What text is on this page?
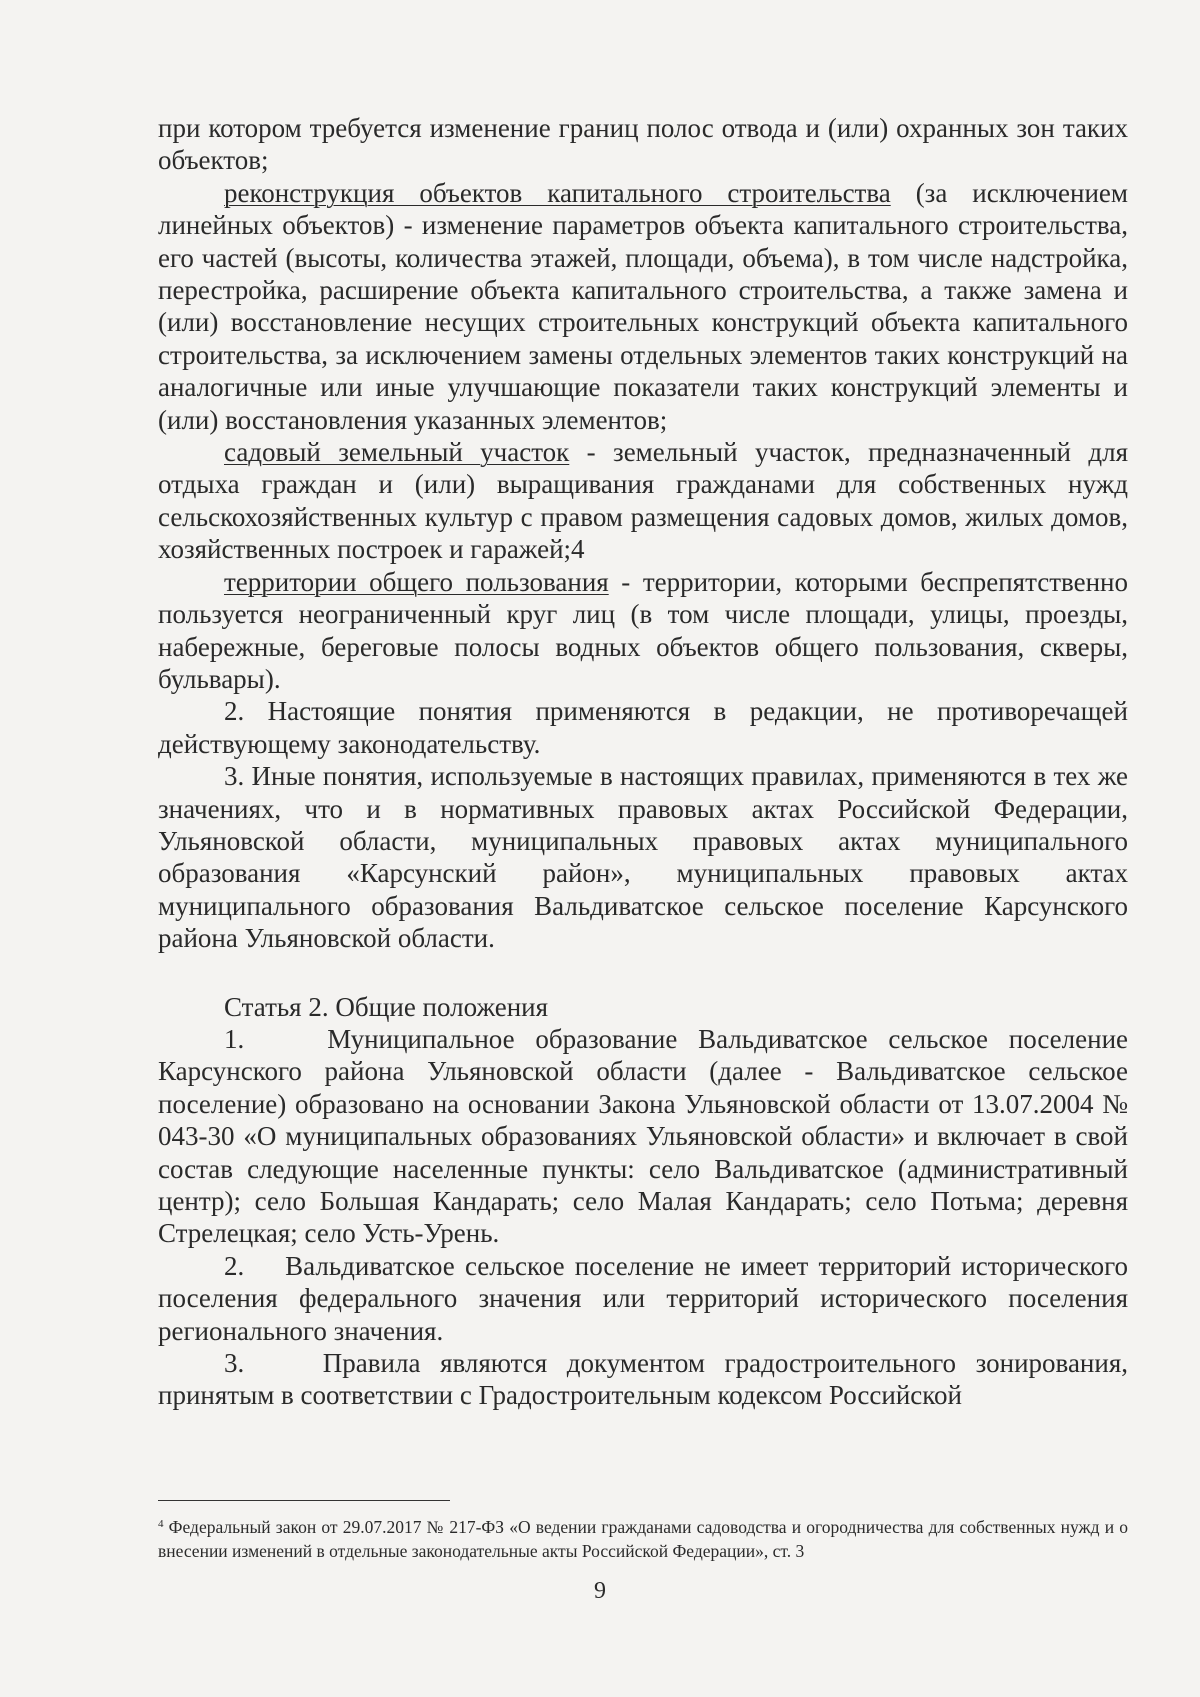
при котором требуется изменение границ полос отвода и (или) охранных зон таких объектов;

реконструкция объектов капитального строительства (за исключением линейных объектов) - изменение параметров объекта капитального строительства, его частей (высоты, количества этажей, площади, объема), в том числе надстройка, перестройка, расширение объекта капитального строительства, а также замена и (или) восстановление несущих строительных конструкций объекта капитального строительства, за исключением замены отдельных элементов таких конструкций на аналогичные или иные улучшающие показатели таких конструкций элементы и (или) восстановления указанных элементов;

садовый земельный участок - земельный участок, предназначенный для отдыха граждан и (или) выращивания гражданами для собственных нужд сельскохозяйственных культур с правом размещения садовых домов, жилых домов, хозяйственных построек и гаражей;4

территории общего пользования - территории, которыми беспрепятственно пользуется неограниченный круг лиц (в том числе площади, улицы, проезды, набережные, береговые полосы водных объектов общего пользования, скверы, бульвары).

2. Настоящие понятия применяются в редакции, не противоречащей действующему законодательству.

3. Иные понятия, используемые в настоящих правилах, применяются в тех же значениях, что и в нормативных правовых актах Российской Федерации, Ульяновской области, муниципальных правовых актах муниципального образования «Карсунский район», муниципальных правовых актах муниципального образования Вальдиватское сельское поселение Карсунского района Ульяновской области.

Статья 2. Общие положения

1.    Муниципальное образование Вальдиватское сельское поселение Карсунского района Ульяновской области (далее - Вальдиватское сельское поселение) образовано на основании Закона Ульяновской области от 13.07.2004 № 043-30 «О муниципальных образованиях Ульяновской области» и включает в свой состав следующие населенные пункты: село Вальдиватское (административный центр); село Большая Кандарать; село Малая Кандарать; село Потьма; деревня Стрелецкая; село Усть-Урень.

2.    Вальдиватское сельское поселение не имеет территорий исторического поселения федерального значения или территорий исторического поселения регионального значения.

3.    Правила являются документом градостроительного зонирования, принятым в соответствии с Градостроительным кодексом Российской

$^4$ Федеральный закон от 29.07.2017 № 217-ФЗ «О ведении гражданами садоводства и огородничества для собственных нужд и о внесении изменений в отдельные законодательные акты Российской Федерации», ст. 3

9
